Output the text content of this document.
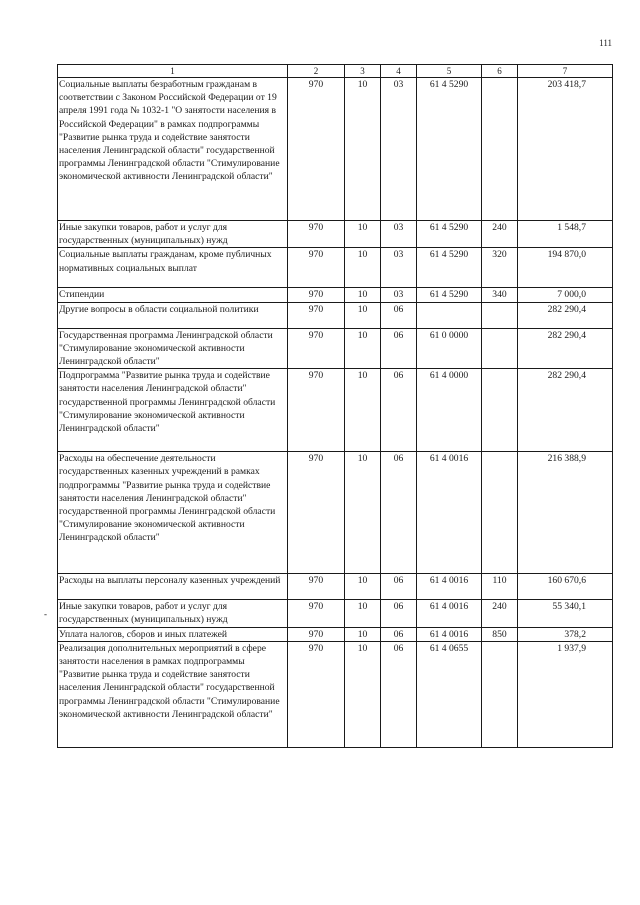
111
-
1	2	3	4	5	6	7
Социальные выплаты безработным гражданам в соответствии с Законом Российской Федерации от 19 апреля 1991 года № 1032-1 "О занятости населения в Российской Федерации" в рамках подпрограммы "Развитие рынка труда и содействие занятости населения Ленинградской области" государственной программы Ленинградской области "Стимулирование экономической активности Ленинградской области"	970	10	03	61 4 5290		203 418,7
Иные закупки товаров, работ и услуг для государственных (муниципальных) нужд	970	10	03	61 4 5290	240	1 548,7
Социальные выплаты гражданам, кроме публичных нормативных социальных выплат	970	10	03	61 4 5290	320	194 870,0
Стипендии	970	10	03	61 4 5290	340	7 000,0
Другие вопросы в области социальной политики	970	10	06			282 290,4
Государственная программа Ленинградской области "Стимулирование экономической активности Ленинградской области"	970	10	06	61 0 0000		282 290,4
Подпрограмма "Развитие рынка труда и содействие занятости населения Ленинградской области" государственной программы Ленинградской области "Стимулирование экономической активности Ленинградской области"	970	10	06	61 4 0000		282 290,4
Расходы на обеспечение деятельности государственных казенных учреждений в рамках подпрограммы "Развитие рынка труда и содействие занятости населения Ленинградской области" государственной программы Ленинградской области "Стимулирование экономической активности Ленинградской области"	970	10	06	61 4 0016		216 388,9
Расходы на выплаты персоналу казенных учреждений	970	10	06	61 4 0016	110	160 670,6
Иные закупки товаров, работ и услуг для государственных (муниципальных) нужд	970	10	06	61 4 0016	240	55 340,1
Уплата налогов, сборов и иных платежей	970	10	06	61 4 0016	850	378,2
Реализация дополнительных мероприятий в сфере занятости населения в рамках подпрограммы "Развитие рынка труда и содействие занятости населения Ленинградской области" государственной программы Ленинградской области "Стимулирование экономической активности Ленинградской области"	970	10	06	61 4 0655		1 937,9
